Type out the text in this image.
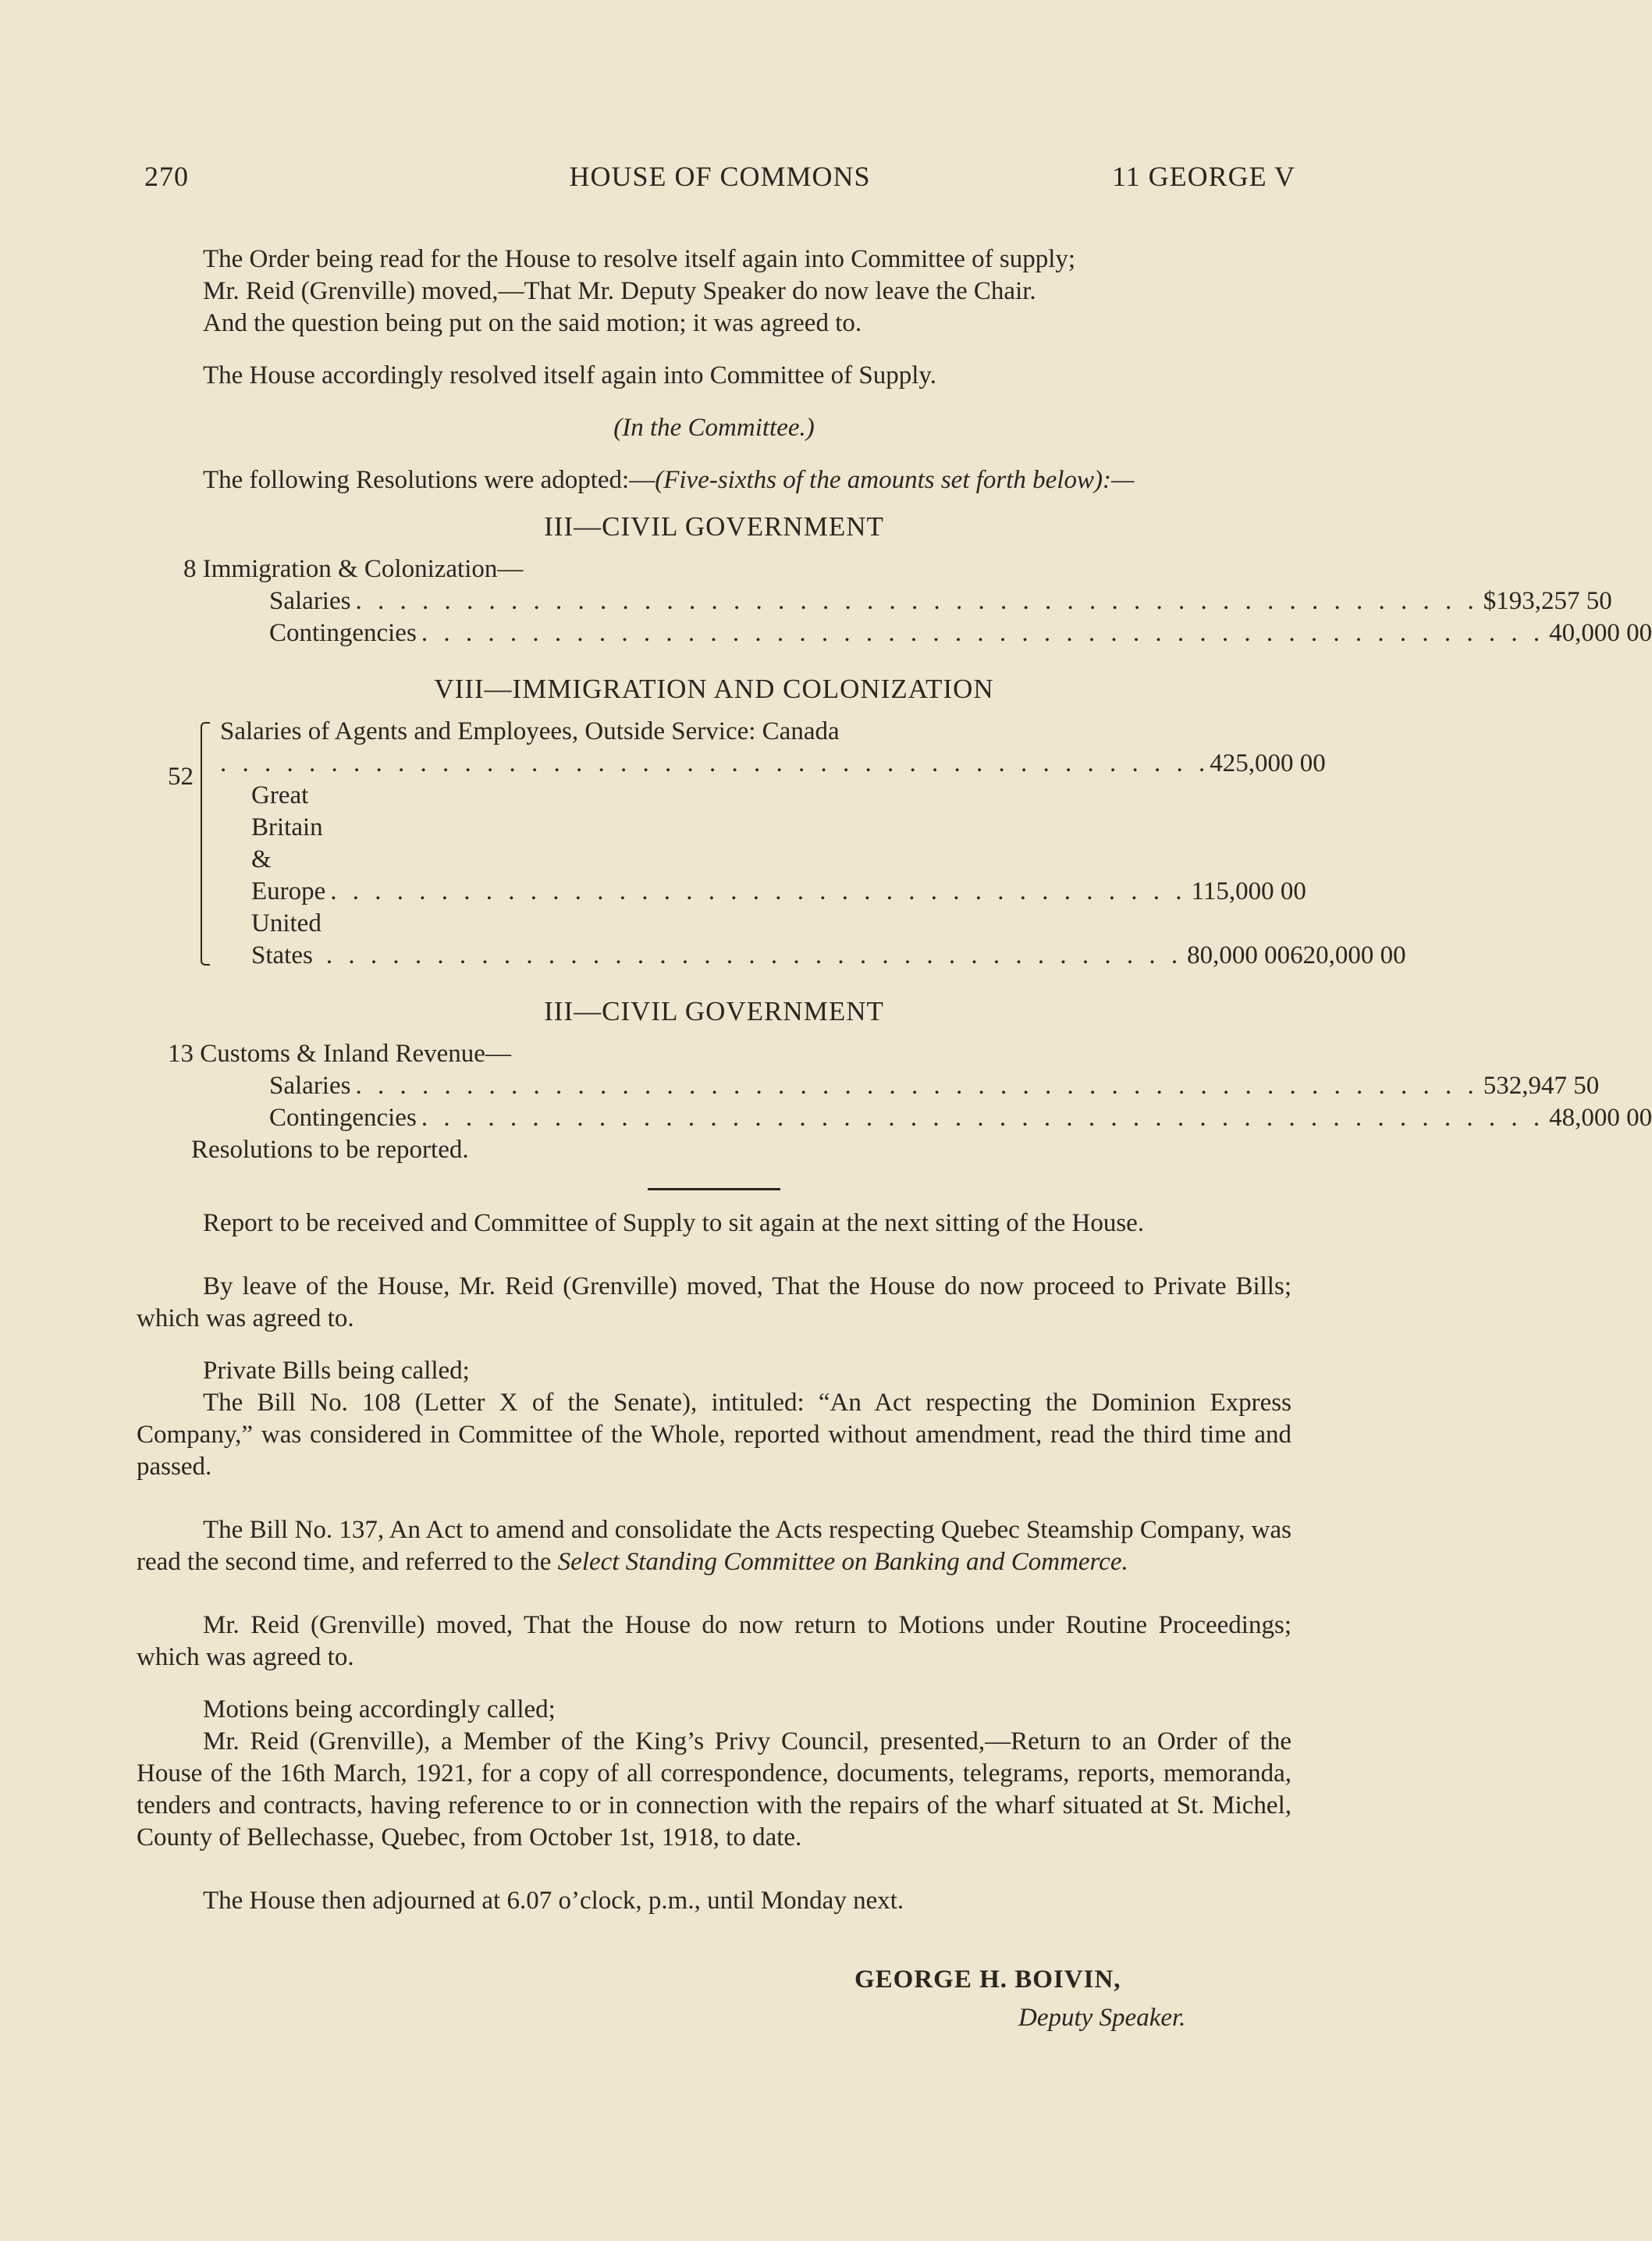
270	HOUSE OF COMMONS	11 GEORGE V

The Order being read for the House to resolve itself again into Committee of supply;

Mr. Reid (Grenville) moved,—That Mr. Deputy Speaker do now leave the Chair.

And the question being put on the said motion; it was agreed to.

The House accordingly resolved itself again into Committee of Supply.

(In the Committee.)

The following Resolutions were adopted:—(Five-sixths of the amounts set forth below):—

III—CIVIL GOVERNMENT
8 Immigration & Colonization—
Salaries . . . . . . . . . . . . . . . . . . . . . . . . . . . . . . . . . . . . . . . . . . . . . . . . . . . $193,257 50
Contingencies . . . . . . . . . . . . . . . . . . . . . . . . . . . . . . . . . . . . . . . . . . . . . . . . . . . 40,000 00
VIII—IMMIGRATION AND COLONIZATION
52
Salaries of Agents and Employees, Outside Service: Canada
. . . . . . . . . . . . . . . . . . . . . . . . . . . . . . . . . . . . . . . . . . . . . 425,000 00
Great Britain & Europe . . . . . . . . . . . . . . . . . . . . . . . . . . . . . . . . . . . . . . . 115,000 00
United States . . . . . . . . . . . . . . . . . . . . . . . . . . . . . . . . . . . . . . . 80,000 00 620,000 00
III—CIVIL GOVERNMENT
13 Customs & Inland Revenue—
Salaries . . . . . . . . . . . . . . . . . . . . . . . . . . . . . . . . . . . . . . . . . . . . . . . . . . . 532,947 50
Contingencies . . . . . . . . . . . . . . . . . . . . . . . . . . . . . . . . . . . . . . . . . . . . . . . . . . . 48,000 00

Resolutions to be reported.

Report to be received and Committee of Supply to sit again at the next sitting of the House.

By leave of the House, Mr. Reid (Grenville) moved, That the House do now proceed to Private Bills; which was agreed to.

Private Bills being called;

The Bill No. 108 (Letter X of the Senate), intituled: “An Act respecting the Dominion Express Company,” was considered in Committee of the Whole, reported without amendment, read the third time and passed.

The Bill No. 137, An Act to amend and consolidate the Acts respecting Quebec Steamship Company, was read the second time, and referred to the Select Standing Committee on Banking and Commerce.

Mr. Reid (Grenville) moved, That the House do now return to Motions under Routine Proceedings; which was agreed to.

Motions being accordingly called;

Mr. Reid (Grenville), a Member of the King’s Privy Council, presented,—Return to an Order of the House of the 16th March, 1921, for a copy of all correspondence, documents, telegrams, reports, memoranda, tenders and contracts, having reference to or in connection with the repairs of the wharf situated at St. Michel, County of Bellechasse, Quebec, from October 1st, 1918, to date.

The House then adjourned at 6.07 o’clock, p.m., until Monday next.

GEORGE H. BOIVIN,
Deputy Speaker.
